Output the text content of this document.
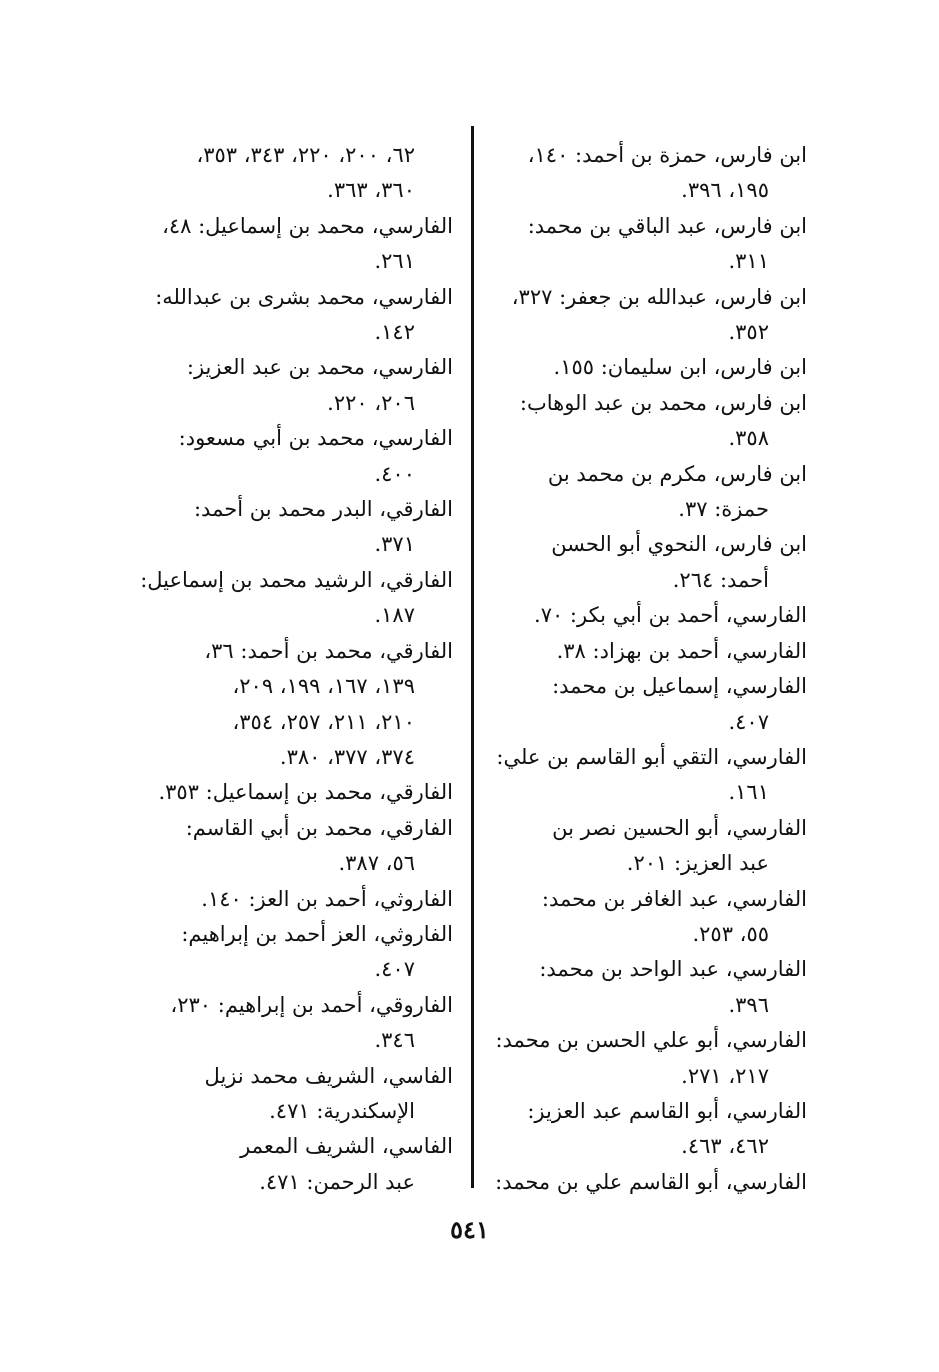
ابن فارس، حمزة بن أحمد: ١٤٠،
١٩٥، ٣٩٦.

ابن فارس، عبد الباقي بن محمد:
٣١١.

ابن فارس، عبدالله بن جعفر: ٣٢٧،
٣٥٢.

ابن فارس، ابن سليمان: ١٥٥.

ابن فارس، محمد بن عبد الوهاب:
٣٥٨.

ابن فارس، مكرم بن محمد بن
حمزة: ٣٧.

ابن فارس، النحوي أبو الحسن
أحمد: ٢٦٤.

الفارسي، أحمد بن أبي بكر: ٧٠.

الفارسي، أحمد بن بهزاد: ٣٨.

الفارسي، إسماعيل بن محمد:
٤٠٧.

الفارسي، التقي أبو القاسم بن علي:
١٦١.

الفارسي، أبو الحسين نصر بن
عبد العزيز: ٢٠١.

الفارسي، عبد الغافر بن محمد:
٥٥، ٢٥٣.

الفارسي، عبد الواحد بن محمد:
٣٩٦.

الفارسي، أبو علي الحسن بن محمد:
٢١٧، ٢٧١.

الفارسي، أبو القاسم عبد العزيز:
٤٦٢، ٤٦٣.

الفارسي، أبو القاسم علي بن محمد:

٦٢، ٢٠٠، ٢٢٠، ٣٤٣، ٣٥٣،

٣٦٠، ٣٦٣.

الفارسي، محمد بن إسماعيل: ٤٨،
٢٦١.

الفارسي، محمد بشرى بن عبدالله:
١٤٢.

الفارسي، محمد بن عبد العزيز:
٢٠٦، ٢٢٠.

الفارسي، محمد بن أبي مسعود:
٤٠٠.

الفارقي، البدر محمد بن أحمد:
٣٧١.

الفارقي، الرشيد محمد بن إسماعيل:
١٨٧.

الفارقي، محمد بن أحمد: ٣٦،
١٣٩، ١٦٧، ١٩٩، ٢٠٩،

٢١٠، ٢١١، ٢٥٧، ٣٥٤،

٣٧٤، ٣٧٧، ٣٨٠.

الفارقي، محمد بن إسماعيل: ٣٥٣.

الفارقي، محمد بن أبي القاسم:
٥٦، ٣٨٧.

الفاروثي، أحمد بن العز: ١٤٠.

الفاروثي، العز أحمد بن إبراهيم:
٤٠٧.

الفاروقي، أحمد بن إبراهيم: ٢٣٠،
٣٤٦.

الفاسي، الشريف محمد نزيل
الإسكندرية: ٤٧١.

الفاسي، الشريف المعمر
عبد الرحمن: ٤٧١.

٥٤١
